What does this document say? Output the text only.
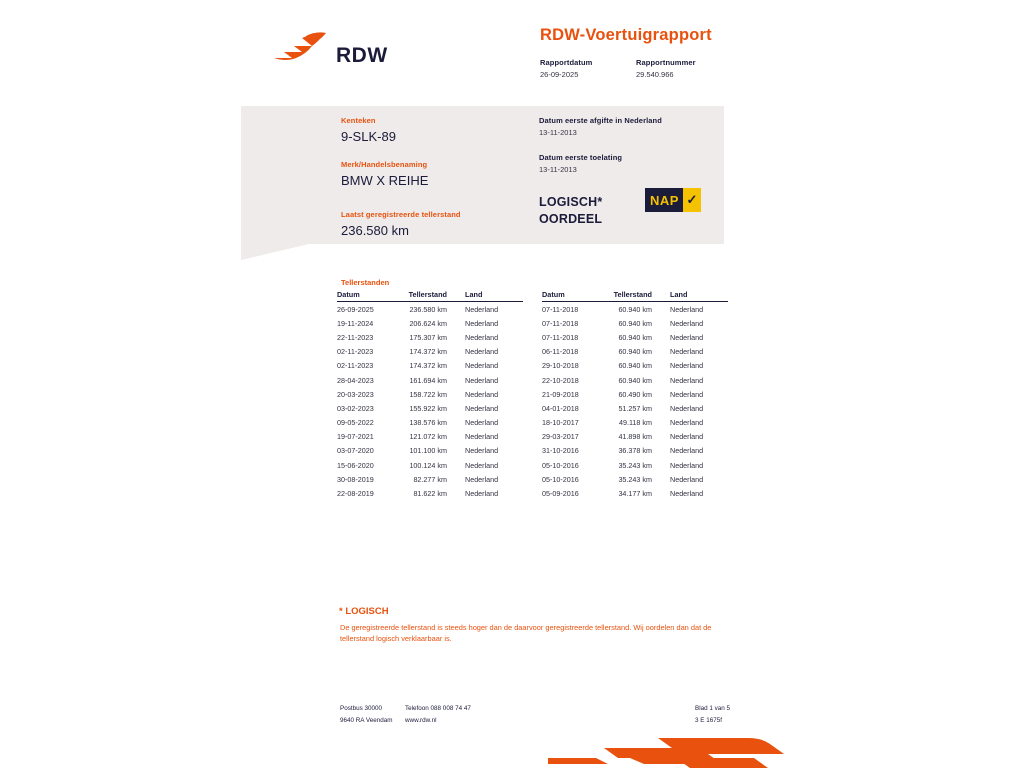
RDW
RDW-Voertuigrapport
Rapportdatum
26-09-2025
Rapportnummer
29.540.966
Kenteken
9-SLK-89
Merk/Handelsbenaming
BMW X REIHE
Laatst geregistreerde tellerstand
236.580 km
Datum eerste afgifte in Nederland
13-11-2013
Datum eerste toelating
13-11-2013
LOGISCH*
OORDEEL
NAP ✓
Tellerstanden
Datum	Tellerstand	Land
26-09-2025	236.580 km	Nederland
19-11-2024	206.624 km	Nederland
22-11-2023	175.307 km	Nederland
02-11-2023	174.372 km	Nederland
02-11-2023	174.372 km	Nederland
28-04-2023	161.694 km	Nederland
20-03-2023	158.722 km	Nederland
03-02-2023	155.922 km	Nederland
09-05-2022	138.576 km	Nederland
19-07-2021	121.072 km	Nederland
03-07-2020	101.100 km	Nederland
15-06-2020	100.124 km	Nederland
30-08-2019	82.277 km	Nederland
22-08-2019	81.622 km	Nederland
Datum	Tellerstand	Land
07-11-2018	60.940 km	Nederland
07-11-2018	60.940 km	Nederland
07-11-2018	60.940 km	Nederland
06-11-2018	60.940 km	Nederland
29-10-2018	60.940 km	Nederland
22-10-2018	60.940 km	Nederland
21-09-2018	60.490 km	Nederland
04-01-2018	51.257 km	Nederland
18-10-2017	49.118 km	Nederland
29-03-2017	41.898 km	Nederland
31-10-2016	36.378 km	Nederland
05-10-2016	35.243 km	Nederland
05-10-2016	35.243 km	Nederland
05-09-2016	34.177 km	Nederland
* LOGISCH
De geregistreerde tellerstand is steeds hoger dan de daarvoor geregistreerde tellerstand. Wij oordelen dan dat de tellerstand logisch verklaarbaar is.
Postbus 30000
9640 RA Veendam
Telefoon 088 008 74 47
www.rdw.nl
Blad 1 van 5
3 E 1675f
